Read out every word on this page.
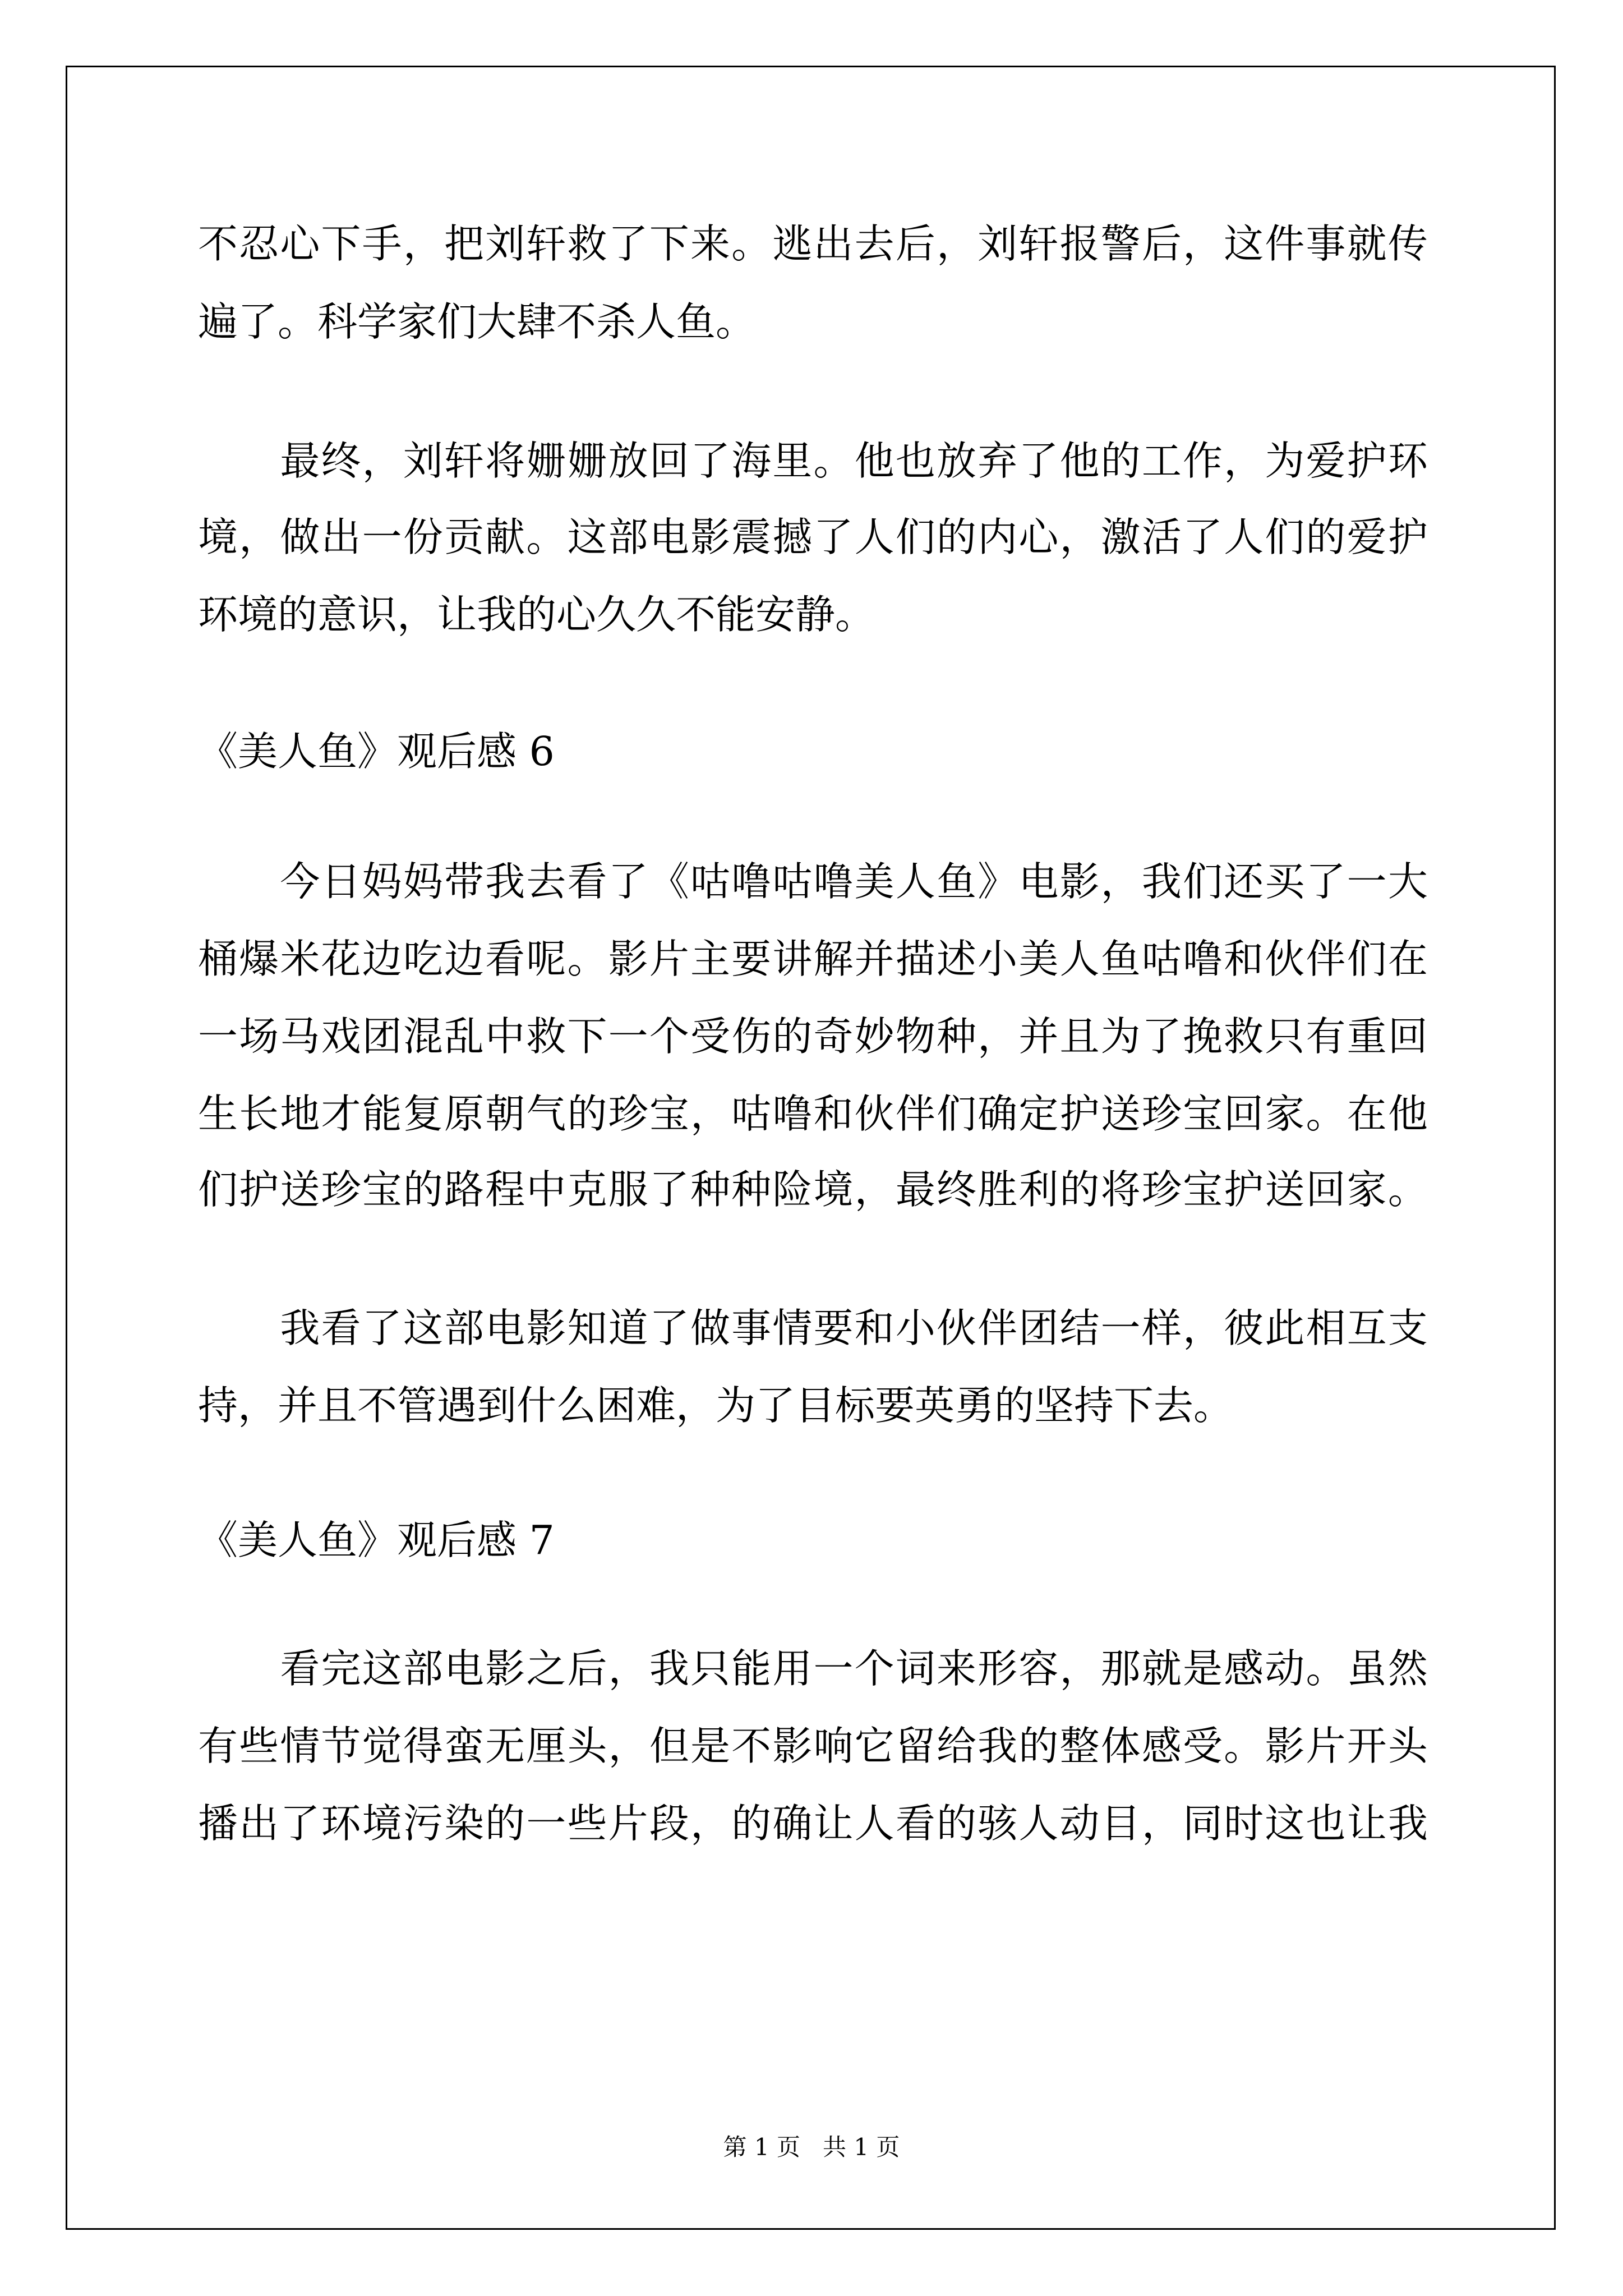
不忍心下手，把刘轩救了下来。逃出去后，刘轩报警后，这件事就传
遍了。科学家们大肆不杀人鱼。
　　最终，刘轩将姗姗放回了海里。他也放弃了他的工作，为爱护环
境，做出一份贡献。这部电影震撼了人们的内心，激活了人们的爱护
环境的意识，让我的心久久不能安静。
《美人鱼》观后感 6
　　今日妈妈带我去看了《咕噜咕噜美人鱼》电影，我们还买了一大
桶爆米花边吃边看呢。影片主要讲解并描述小美人鱼咕噜和伙伴们在
一场马戏团混乱中救下一个受伤的奇妙物种，并且为了挽救只有重回
生长地才能复原朝气的珍宝，咕噜和伙伴们确定护送珍宝回家。在他
们护送珍宝的路程中克服了种种险境，最终胜利的将珍宝护送回家。
　　我看了这部电影知道了做事情要和小伙伴团结一样，彼此相互支
持，并且不管遇到什么困难，为了目标要英勇的坚持下去。
《美人鱼》观后感 7
　　看完这部电影之后，我只能用一个词来形容，那就是感动。虽然
有些情节觉得蛮无厘头，但是不影响它留给我的整体感受。影片开头
播出了环境污染的一些片段，的确让人看的骇人动目，同时这也让我
第 1 页 共 1 页
